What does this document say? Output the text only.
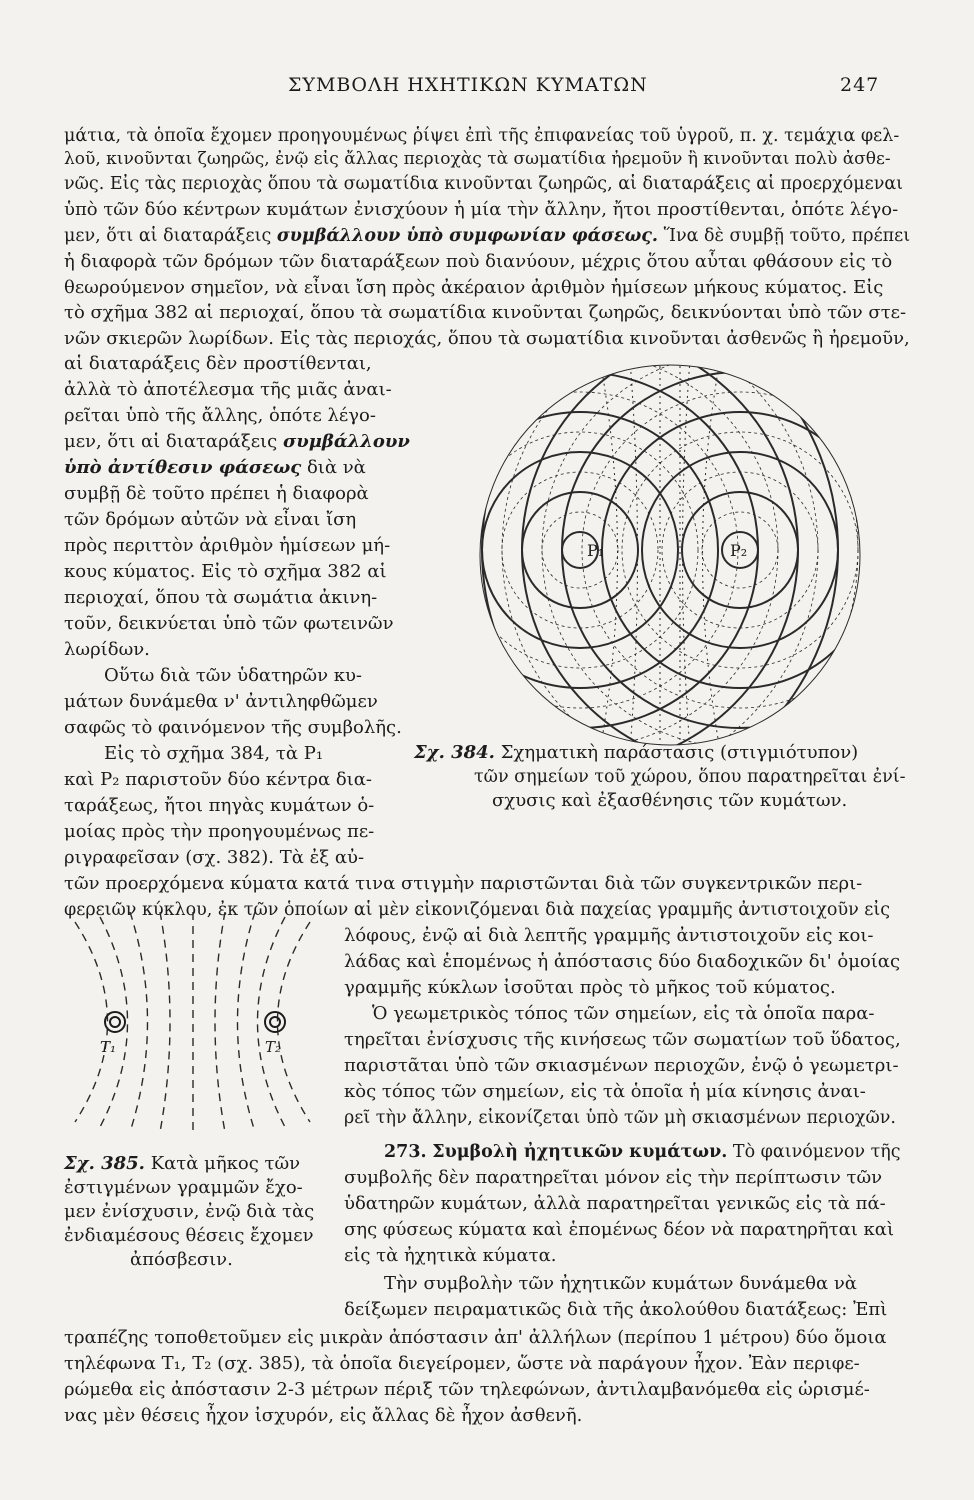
ΣΥΜΒΟΛΗ ΗΧΗΤΙΚΩΝ ΚΥΜΑΤΩΝ	247
μάτια, τὰ ὁποῖα ἔχομεν προηγουμένως ῥίψει ἐπὶ τῆς ἐπιφανείας τοῦ ὑγροῦ, π. χ. τεμάχια φελ-
λοῦ, κινοῦνται ζωηρῶς, ἐνῷ εἰς ἄλλας περιοχὰς τὰ σωματίδια ἠρεμοῦν ἢ κινοῦνται πολὺ ἀσθε-
νῶς. Εἰς τὰς περιοχὰς ὅπου τὰ σωματίδια κινοῦνται ζωηρῶς, αἱ διαταράξεις αἱ προερχόμεναι
ὑπὸ τῶν δύο κέντρων κυμάτων ἐνισχύουν ἡ μία τὴν ἄλλην, ἤτοι προστίθενται, ὁπότε λέγο-
μεν, ὅτι αἱ διαταράξεις συμβάλλουν ὑπὸ συμφωνίαν φάσεως. Ἵνα δὲ συμβῇ τοῦτο, πρέπει
ἡ διαφορὰ τῶν δρόμων τῶν διαταράξεων ποὺ διανύουν, μέχρις ὅτου αὗται φθάσουν εἰς τὸ
θεωρούμενον σημεῖον, νὰ εἶναι ἴση πρὸς ἀκέραιον ἀριθμὸν ἡμίσεων μήκους κύματος. Εἰς
τὸ σχῆμα 382 αἱ περιοχαί, ὅπου τὰ σωματίδια κινοῦνται ζωηρῶς, δεικνύονται ὑπὸ τῶν στε-
νῶν σκιερῶν λωρίδων. Εἰς τὰς περιοχάς, ὅπου τὰ σωματίδια κινοῦνται ἀσθενῶς ἢ ἠρεμοῦν,
αἱ διαταράξεις δὲν προστίθενται,
ἀλλὰ τὸ ἀποτέλεσμα τῆς μιᾶς ἀναι-
ρεῖται ὑπὸ τῆς ἄλλης, ὁπότε λέγο-
μεν, ὅτι αἱ διαταράξεις συμβάλλουν
ὑπὸ ἀντίθεσιν φάσεως διὰ νὰ
συμβῇ δὲ τοῦτο πρέπει ἡ διαφορὰ
τῶν δρόμων αὐτῶν νὰ εἶναι ἴση
πρὸς περιττὸν ἀριθμὸν ἡμίσεων μή-
κους κύματος. Εἰς τὸ σχῆμα 382 αἱ
περιοχαί, ὅπου τὰ σωμάτια ἀκινη-
τοῦν, δεικνύεται ὑπὸ τῶν φωτεινῶν
λωρίδων.
Οὕτω διὰ τῶν ὑδατηρῶν κυ-
μάτων δυνάμεθα ν' ἀντιληφθῶμεν
σαφῶς τὸ φαινόμενον τῆς συμβολῆς.
Εἰς τὸ σχῆμα 384, τὰ P₁
καὶ P₂ παριστοῦν δύο κέντρα δια-
ταράξεως, ἤτοι πηγὰς κυμάτων ὁ-
μοίας πρὸς τὴν προηγουμένως πε-
ριγραφεῖσαν (σχ. 382). Τὰ ἐξ αὐ-
P₁	P₂
Σχ. 384. Σχηματικὴ παράστασις (στιγμιότυπον)
τῶν σημείων τοῦ χώρου, ὅπου παρατηρεῖται ἐνί-
σχυσις καὶ ἐξασθένησις τῶν κυμάτων.
τῶν προερχόμενα κύματα κατά τινα στιγμὴν παριστῶνται διὰ τῶν συγκεντρικῶν περι-
φερειῶν κύκλου, ἐκ τῶν ὁποίων αἱ μὲν εἰκονιζόμεναι διὰ παχείας γραμμῆς ἀντιστοιχοῦν εἰς
T₁	T₂
Σχ. 385. Κατὰ μῆκος τῶν
ἐστιγμένων γραμμῶν ἔχο-
μεν ἐνίσχυσιν, ἐνῷ διὰ τὰς
ἐνδιαμέσους θέσεις ἔχομεν
ἀπόσβεσιν.
λόφους, ἐνῷ αἱ διὰ λεπτῆς γραμμῆς ἀντιστοιχοῦν εἰς κοι-
λάδας καὶ ἑπομένως ἡ ἀπόστασις δύο διαδοχικῶν δι' ὁμοίας
γραμμῆς κύκλων ἰσοῦται πρὸς τὸ μῆκος τοῦ κύματος.
Ὁ γεωμετρικὸς τόπος τῶν σημείων, εἰς τὰ ὁποῖα παρα-
τηρεῖται ἐνίσχυσις τῆς κινήσεως τῶν σωματίων τοῦ ὕδατος,
παριστᾶται ὑπὸ τῶν σκιασμένων περιοχῶν, ἐνῷ ὁ γεωμετρι-
κὸς τόπος τῶν σημείων, εἰς τὰ ὁποῖα ἡ μία κίνησις ἀναι-
ρεῖ τὴν ἄλλην, εἰκονίζεται ὑπὸ τῶν μὴ σκιασμένων περιοχῶν.
273. Συμβολὴ ἠχητικῶν κυμάτων. Τὸ φαινόμενον τῆς
συμβολῆς δὲν παρατηρεῖται μόνον εἰς τὴν περίπτωσιν τῶν
ὑδατηρῶν κυμάτων, ἀλλὰ παρατηρεῖται γενικῶς εἰς τὰ πά-
σης φύσεως κύματα καὶ ἑπομένως δέον νὰ παρατηρῆται καὶ
εἰς τὰ ἠχητικὰ κύματα.
Τὴν συμβολὴν τῶν ἠχητικῶν κυμάτων δυνάμεθα νὰ
δείξωμεν πειραματικῶς διὰ τῆς ἀκολούθου διατάξεως: Ἐπὶ
τραπέζης τοποθετοῦμεν εἰς μικρὰν ἀπόστασιν ἀπ' ἀλλήλων (περίπου 1 μέτρου) δύο ὅμοια
τηλέφωνα T₁, T₂ (σχ. 385), τὰ ὁποῖα διεγείρομεν, ὥστε νὰ παράγουν ἦχον. Ἐὰν περιφε-
ρώμεθα εἰς ἀπόστασιν 2-3 μέτρων πέριξ τῶν τηλεφώνων, ἀντιλαμβανόμεθα εἰς ὡρισμέ-
νας μὲν θέσεις ἦχον ἰσχυρόν, εἰς ἄλλας δὲ ἦχον ἀσθενῆ.
